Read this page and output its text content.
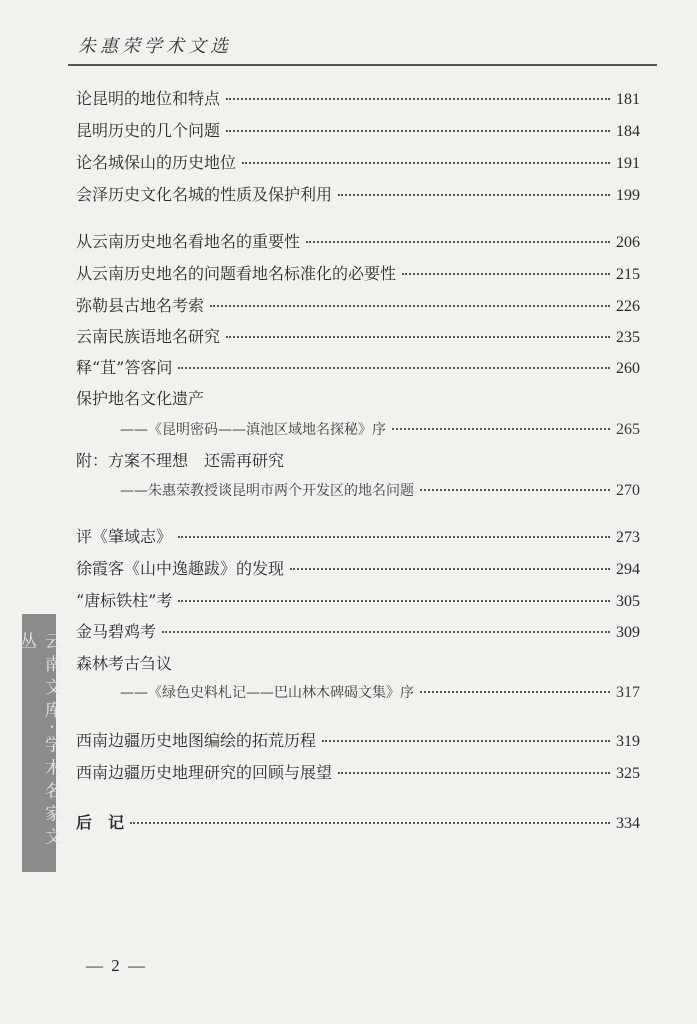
朱惠荣学术文选
论昆明的地位和特点	181
昆明历史的几个问题	184
论名城保山的历史地位	191
会泽历史文化名城的性质及保护利用	199
从云南历史地名看地名的重要性	206
从云南历史地名的问题看地名标准化的必要性	215
弥勒县古地名考索	226
云南民族语地名研究	235
释“苴”答客问	260
保护地名文化遗产
——《昆明密码——滇池区域地名探秘》序	265
附：方案不理想　还需再研究
——朱惠荣教授谈昆明市两个开发区的地名问题	270
评《肇域志》	273
徐霞客《山中逸趣跋》的发现	294
“唐标铁柱”考	305
金马碧鸡考	309
森林考古刍议
——《绿色史料札记——巴山林木碑碣文集》序	317
西南边疆历史地图编绘的拓荒历程	319
西南边疆历史地理研究的回顾与展望	325
后　记	334
云南文库·学术名家文丛
— 2 —
